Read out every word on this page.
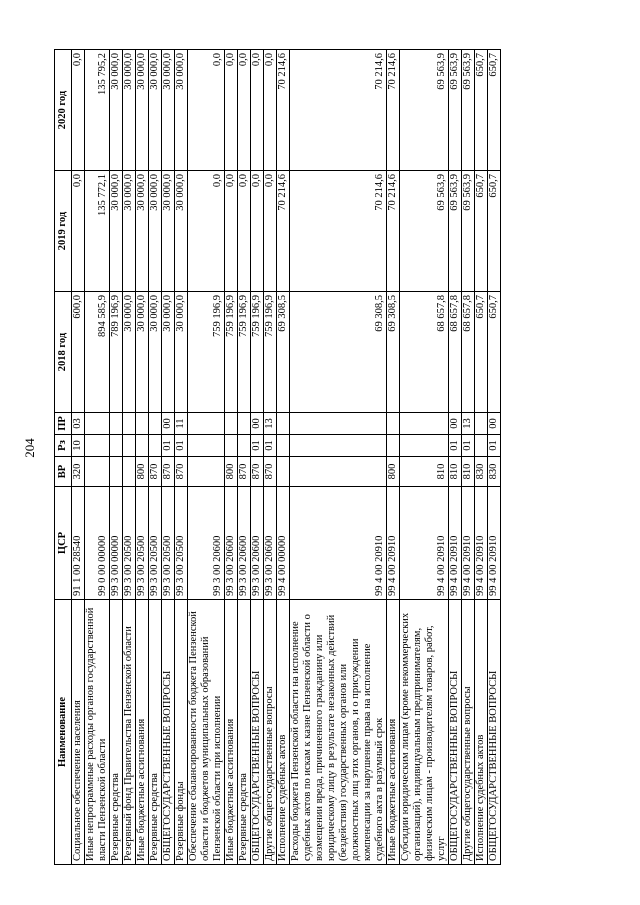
204
Наименование	ЦСР	ВР	Рз	ПР	2018 год	2019 год	2020 год
Социальное обеспечение населения	91 1 00 28540	320	10	03	600,0	0,0	0,0
Иные непрограммные расходы органов государственной власти Пензенской области	99 0 00 00000				894 585,9	135 772,1	135 795,2
Резервные средства	99 3 00 00000				789 196,9	30 000,0	30 000,0
Резервный фонд Правительства Пензенской области	99 3 00 20500				30 000,0	30 000,0	30 000,0
Иные бюджетные ассигнования	99 3 00 20500	800			30 000,0	30 000,0	30 000,0
Резервные средства	99 3 00 20500	870			30 000,0	30 000,0	30 000,0
ОБЩЕГОСУДАРСТВЕННЫЕ ВОПРОСЫ	99 3 00 20500	870	01	00	30 000,0	30 000,0	30 000,0
Резервные фонды	99 3 00 20500	870	01	11	30 000,0	30 000,0	30 000,0
Обеспечение сбалансированности бюджета Пензенской области и бюджетов муниципальных образований Пензенской области при исполнении	99 3 00 20600				759 196,9	0,0	0,0
Иные бюджетные ассигнования	99 3 00 20600	800			759 196,9	0,0	0,0
Резервные средства	99 3 00 20600	870			759 196,9	0,0	0,0
ОБЩЕГОСУДАРСТВЕННЫЕ ВОПРОСЫ	99 3 00 20600	870	01	00	759 196,9	0,0	0,0
Другие общегосударственные вопросы	99 3 00 20600	870	01	13	759 196,9	0,0	0,0
Исполнение судебных актов	99 4 00 00000				69 308,5	70 214,6	70 214,6
Расходы бюджета Пензенской области на исполнение судебных актов по искам к казне Пензенской области о возмещении вреда, причиненного гражданину или юридическому лицу в результате незаконных действий (бездействия) государственных органов или должностных лиц этих органов, и о присуждении компенсации за нарушение права на исполнение судебного акта в разумный срок	99 4 00 20910				69 308,5	70 214,6	70 214,6
Иные бюджетные ассигнования	99 4 00 20910	800			69 308,5	70 214,6	70 214,6
Субсидии юридическим лицам (кроме некоммерческих организаций), индивидуальным предпринимателям, физическим лицам - производителям товаров, работ, услуг	99 4 00 20910	810			68 657,8	69 563,9	69 563,9
ОБЩЕГОСУДАРСТВЕННЫЕ ВОПРОСЫ	99 4 00 20910	810	01	00	68 657,8	69 563,9	69 563,9
Другие общегосударственные вопросы	99 4 00 20910	810	01	13	68 657,8	69 563,9	69 563,9
Исполнение судебных актов	99 4 00 20910	830			650,7	650,7	650,7
ОБЩЕГОСУДАРСТВЕННЫЕ ВОПРОСЫ	99 4 00 20910	830	01	00	650,7	650,7	650,7
